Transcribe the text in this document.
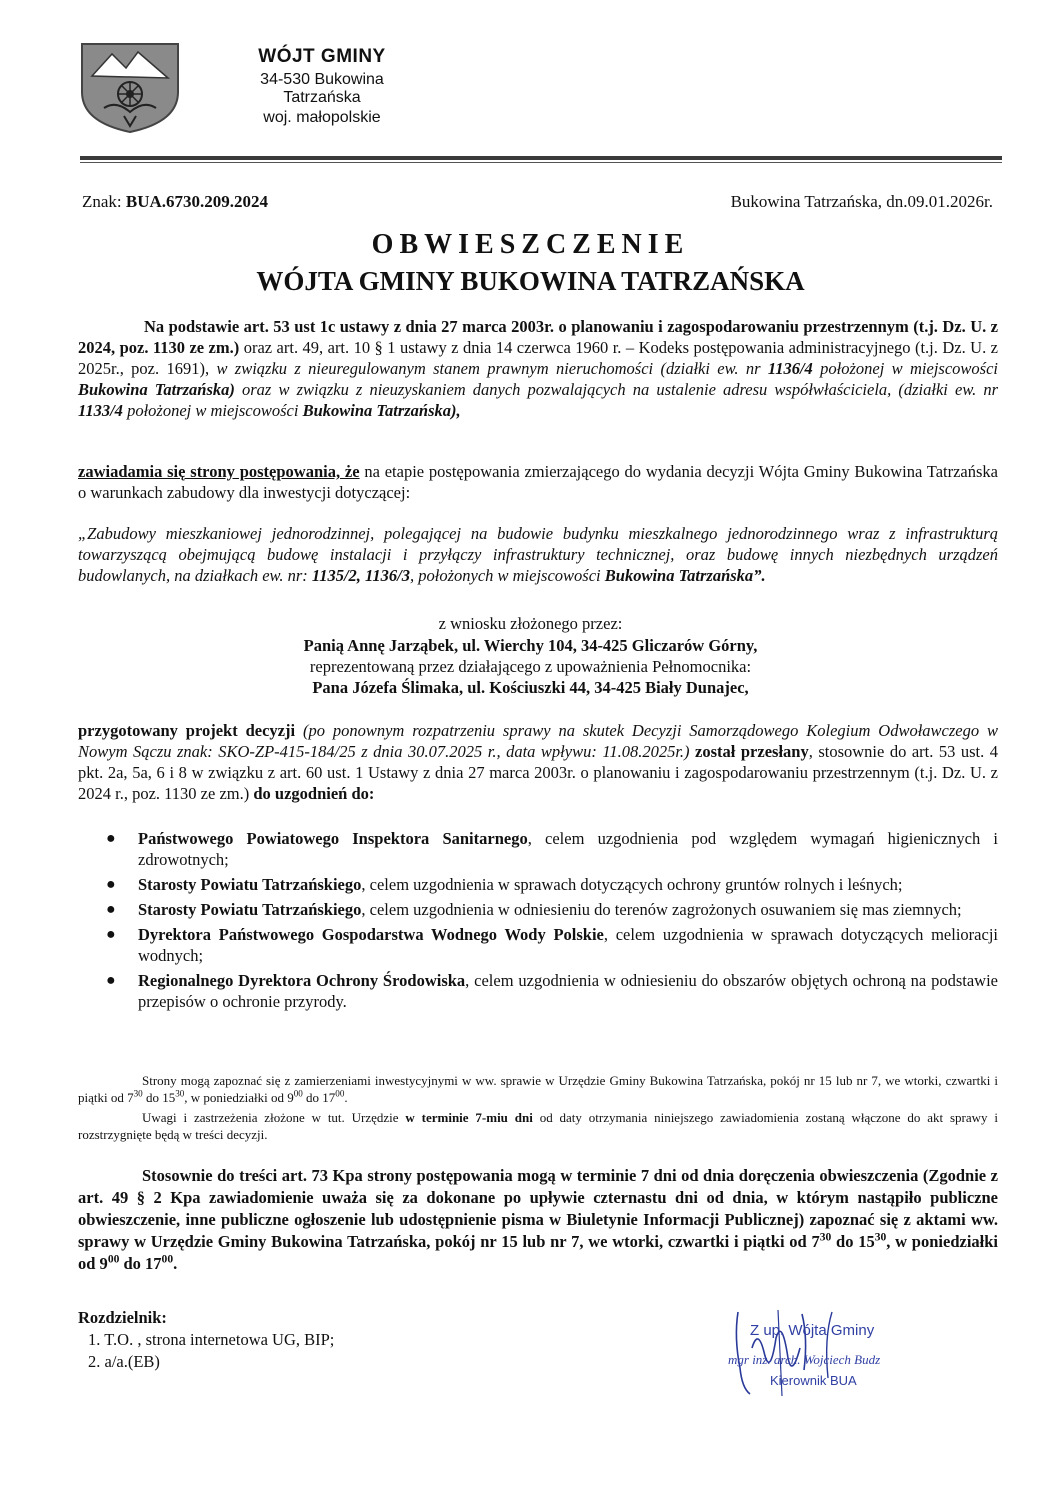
WÓJT GMINY
34-530 Bukowina Tatrzańska
woj. małopolskie
Znak: BUA.6730.209.2024	Bukowina Tatrzańska, dn.09.01.2026r.
OBWIESZCZENIE
WÓJTA GMINY BUKOWINA TATRZAŃSKA
Na podstawie art. 53 ust 1c ustawy z dnia 27 marca 2003r. o planowaniu i zagospodarowaniu przestrzennym (t.j. Dz. U. z 2024, poz. 1130 ze zm.) oraz art. 49, art. 10 § 1 ustawy z dnia 14 czerwca 1960 r. – Kodeks postępowania administracyjnego (t.j. Dz. U. z 2025r., poz. 1691), w związku z nieuregulowanym stanem prawnym nieruchomości (działki ew. nr 1136/4 położonej w miejscowości Bukowina Tatrzańska) oraz w związku z nieuzyskaniem danych pozwalających na ustalenie adresu współwłaściciela, (działki ew. nr 1133/4 położonej w miejscowości Bukowina Tatrzańska),
zawiadamia się strony postępowania, że na etapie postępowania zmierzającego do wydania decyzji Wójta Gminy Bukowina Tatrzańska o warunkach zabudowy dla inwestycji dotyczącej:
„Zabudowy mieszkaniowej jednorodzinnej, polegającej na budowie budynku mieszkalnego jednorodzinnego wraz z infrastrukturą towarzyszącą obejmującą budowę instalacji i przyłączy infrastruktury technicznej, oraz budowę innych niezbędnych urządzeń budowlanych, na działkach ew. nr: 1135/2, 1136/3, położonych w miejscowości Bukowina Tatrzańska”.
z wniosku złożonego przez:
Panią Annę Jarząbek, ul. Wierchy 104, 34-425 Gliczarów Górny,
reprezentowaną przez działającego z upoważnienia Pełnomocnika:
Pana Józefa Ślimaka, ul. Kościuszki 44, 34-425 Biały Dunajec,
przygotowany projekt decyzji (po ponownym rozpatrzeniu sprawy na skutek Decyzji Samorządowego Kolegium Odwoławczego w Nowym Sączu znak: SKO-ZP-415-184/25 z dnia 30.07.2025 r., data wpływu: 11.08.2025r.) został przesłany, stosownie do art. 53 ust. 4 pkt. 2a, 5a, 6 i 8 w związku z art. 60 ust. 1 Ustawy z dnia 27 marca 2003r. o planowaniu i zagospodarowaniu przestrzennym (t.j. Dz. U. z 2024 r., poz. 1130 ze zm.) do uzgodnień do:
● Państwowego Powiatowego Inspektora Sanitarnego, celem uzgodnienia pod względem wymagań higienicznych i zdrowotnych;
● Starosty Powiatu Tatrzańskiego, celem uzgodnienia w sprawach dotyczących ochrony gruntów rolnych i leśnych;
● Starosty Powiatu Tatrzańskiego, celem uzgodnienia w odniesieniu do terenów zagrożonych osuwaniem się mas ziemnych;
● Dyrektora Państwowego Gospodarstwa Wodnego Wody Polskie, celem uzgodnienia w sprawach dotyczących melioracji wodnych;
● Regionalnego Dyrektora Ochrony Środowiska, celem uzgodnienia w odniesieniu do obszarów objętych ochroną na podstawie przepisów o ochronie przyrody.
Strony mogą zapoznać się z zamierzeniami inwestycyjnymi w ww. sprawie w Urzędzie Gminy Bukowina Tatrzańska, pokój nr 15 lub nr 7, we wtorki, czwartki i piątki od $7^{30}$ do $15^{30}$, w poniedziałki od $9^{00}$ do $17^{00}$.
Uwagi i zastrzeżenia złożone w tut. Urzędzie w terminie 7-miu dni od daty otrzymania niniejszego zawiadomienia zostaną włączone do akt sprawy i rozstrzygnięte będą w treści decyzji.
Stosownie do treści art. 73 Kpa strony postępowania mogą w terminie 7 dni od dnia doręczenia obwieszczenia (Zgodnie z art. 49 § 2 Kpa zawiadomienie uważa się za dokonane po upływie czternastu dni od dnia, w którym nastąpiło publiczne obwieszczenie, inne publiczne ogłoszenie lub udostępnienie pisma w Biuletynie Informacji Publicznej) zapoznać się z aktami ww. sprawy w Urzędzie Gminy Bukowina Tatrzańska, pokój nr 15 lub nr 7, we wtorki, czwartki i piątki od $7^{30}$ do $15^{30}$, w poniedziałki od $9^{00}$ do $17^{00}$.
Rozdzielnik:
1. T.O. , strona internetowa UG, BIP;
2. a/a.(EB)
Z up. Wójta Gminy
mgr inż. arch. Wojciech Budz
Kierownik BUA
